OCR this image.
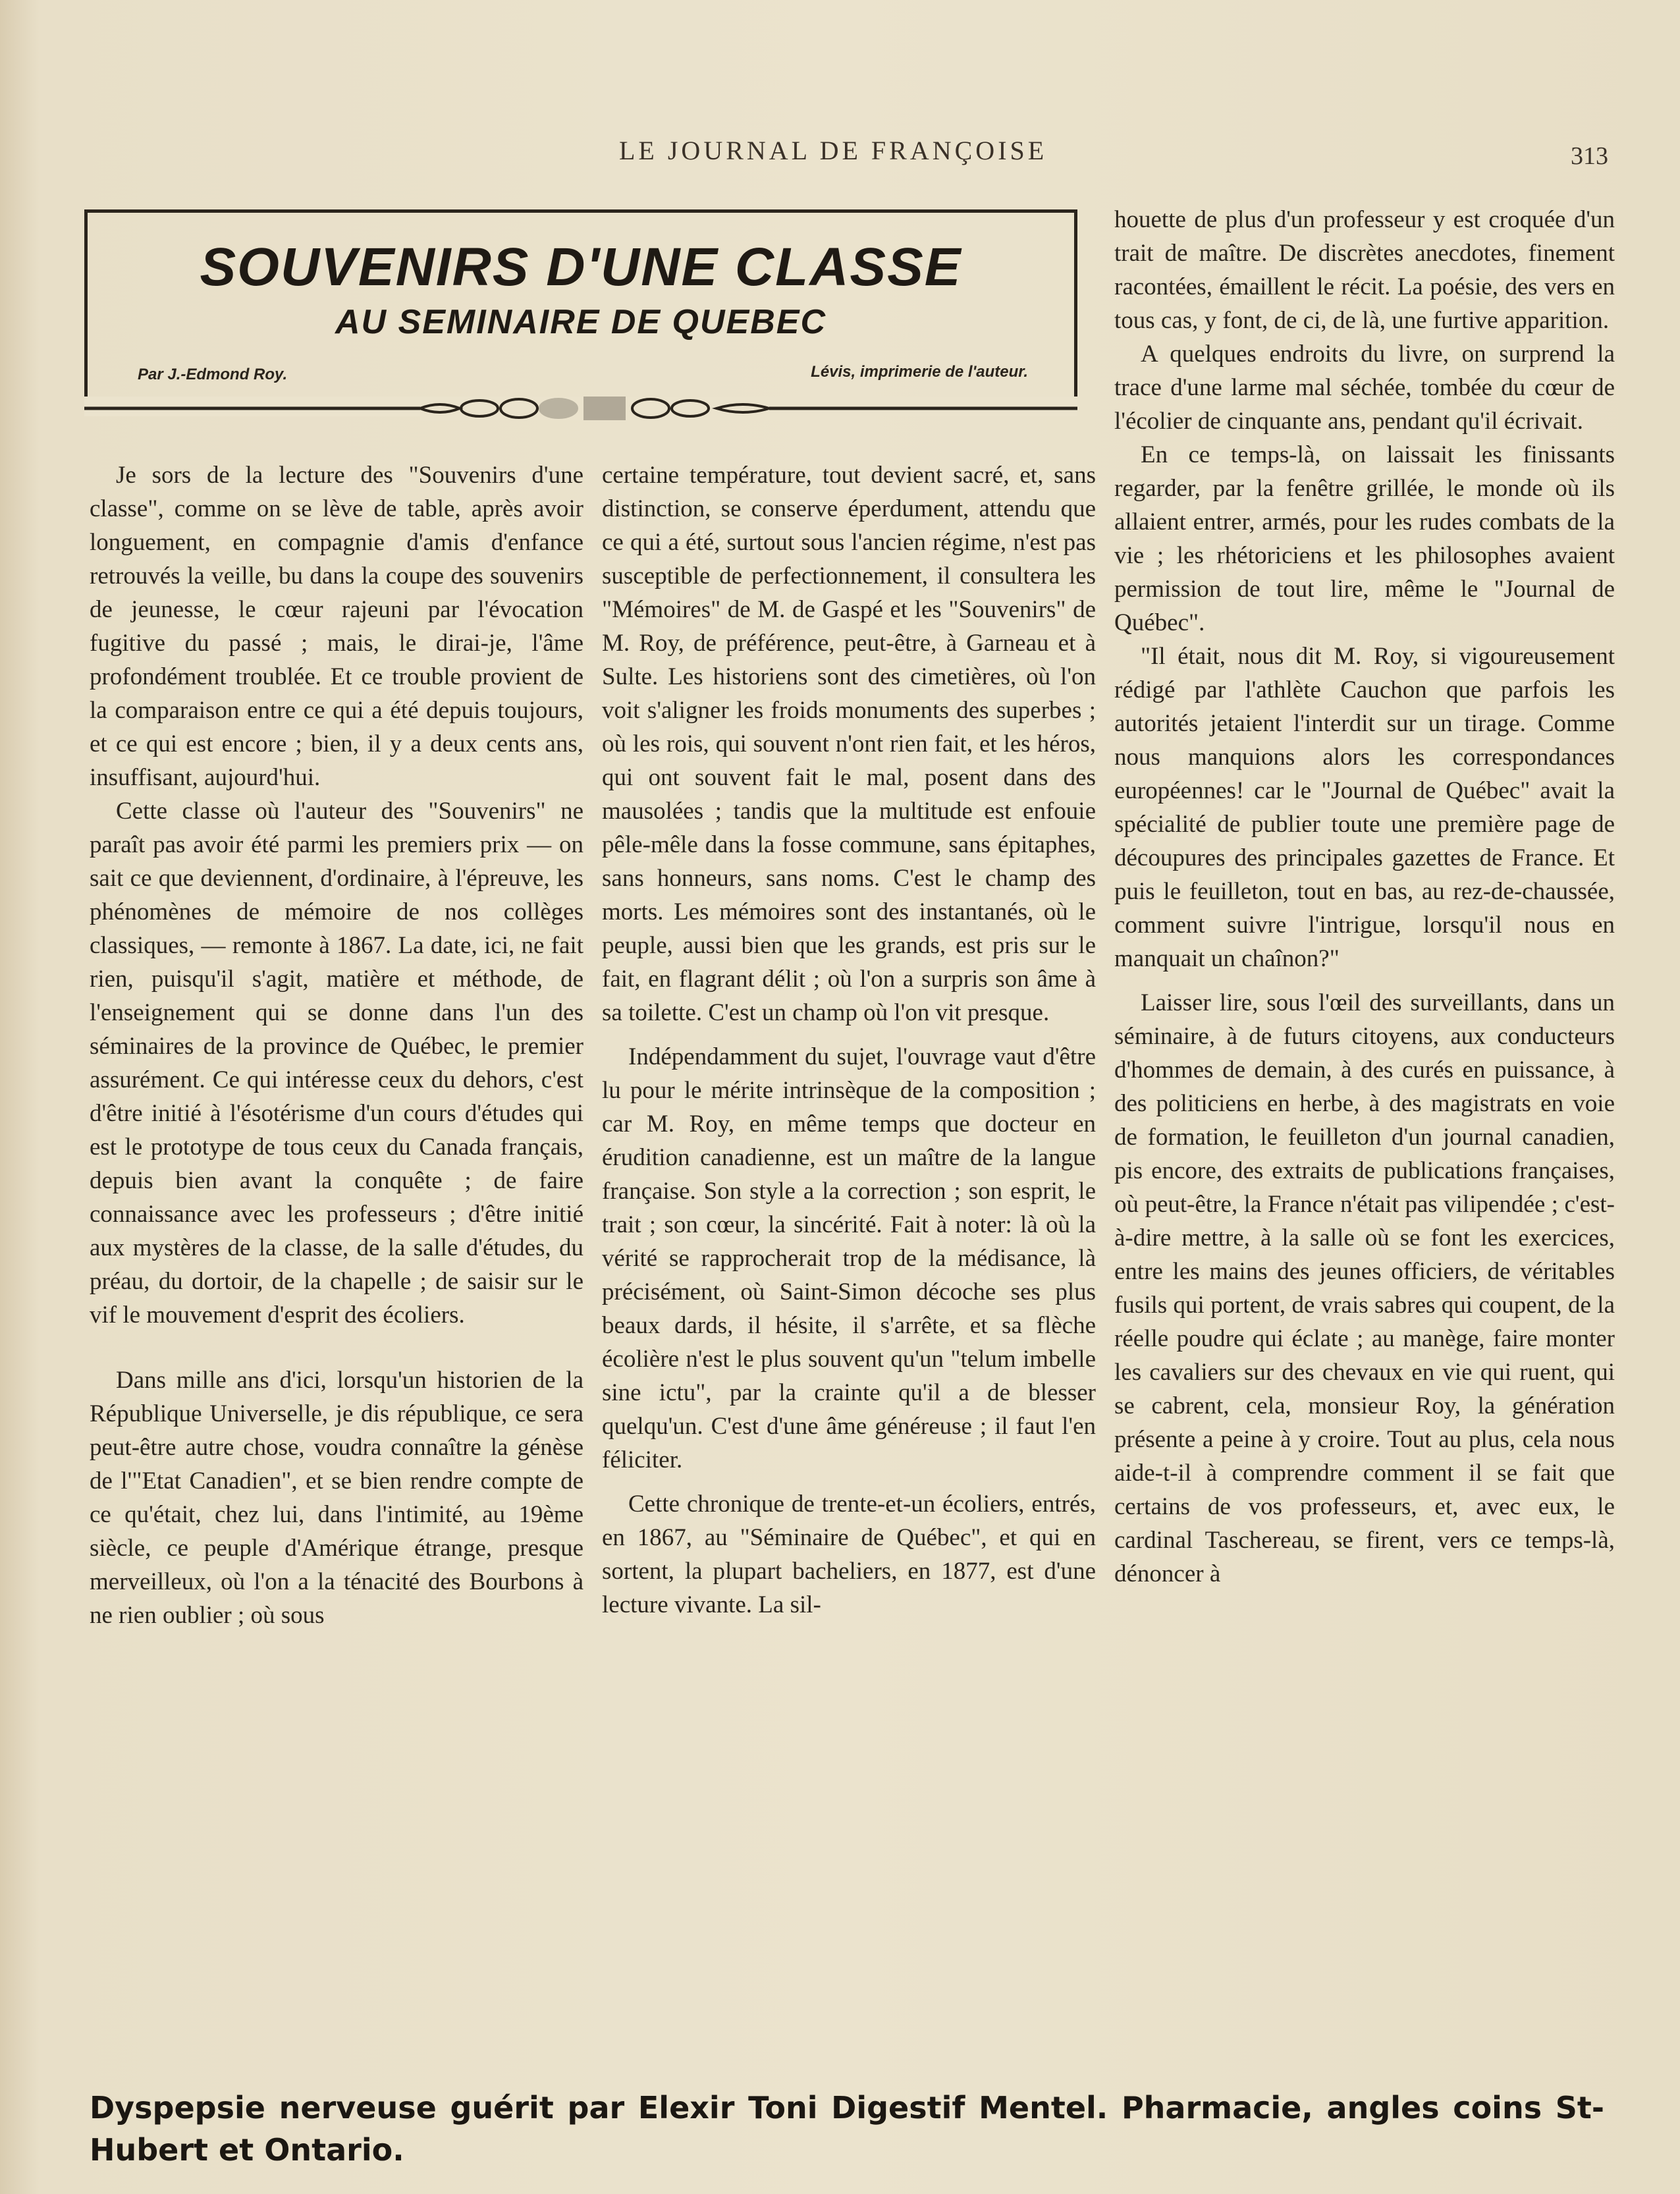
LE JOURNAL DE FRANÇOISE	313
SOUVENIRS D'UNE CLASSE
AU SEMINAIRE DE QUEBEC
Par J.-Edmond Roy.	Lévis, imprimerie de l'auteur.

Je sors de la lecture des "Souvenirs d'une classe", comme on se lève de table, après avoir longuement, en compagnie d'amis d'enfance retrouvés la veille, bu dans la coupe des souvenirs de jeunesse, le cœur rajeuni par l'évocation fugitive du passé ; mais, le dirai-je, l'âme profondément troublée. Et ce trouble provient de la comparaison entre ce qui a été depuis toujours, et ce qui est encore ; bien, il y a deux cents ans, insuffisant, aujourd'hui.

Cette classe où l'auteur des "Souvenirs" ne paraît pas avoir été parmi les premiers prix — on sait ce que deviennent, d'ordinaire, à l'épreuve, les phénomènes de mémoire de nos collèges classiques, — remonte à 1867. La date, ici, ne fait rien, puisqu'il s'agit, matière et méthode, de l'enseignement qui se donne dans l'un des séminaires de la province de Québec, le premier assurément. Ce qui intéresse ceux du dehors, c'est d'être initié à l'ésotérisme d'un cours d'études qui est le prototype de tous ceux du Canada français, depuis bien avant la conquête ; de faire connaissance avec les professeurs ; d'être initié aux mystères de la classe, de la salle d'études, du préau, du dortoir, de la chapelle ; de saisir sur le vif le mouvement d'esprit des écoliers.

Dans mille ans d'ici, lorsqu'un historien de la République Universelle, je dis république, ce sera peut-être autre chose, voudra connaître la génèse de l'"Etat Canadien", et se bien rendre compte de ce qu'était, chez lui, dans l'intimité, au 19ème siècle, ce peuple d'Amérique étrange, presque merveilleux, où l'on a la ténacité des Bourbons à ne rien oublier ; où sous

certaine température, tout devient sacré, et, sans distinction, se conserve éperdument, attendu que ce qui a été, surtout sous l'ancien régime, n'est pas susceptible de perfectionnement, il consultera les "Mémoires" de M. de Gaspé et les "Souvenirs" de M. Roy, de préférence, peut-être, à Garneau et à Sulte. Les historiens sont des cimetières, où l'on voit s'aligner les froids monuments des superbes ; où les rois, qui souvent n'ont rien fait, et les héros, qui ont souvent fait le mal, posent dans des mausolées ; tandis que la multitude est enfouie pêle-mêle dans la fosse commune, sans épitaphes, sans honneurs, sans noms. C'est le champ des morts. Les mémoires sont des instantanés, où le peuple, aussi bien que les grands, est pris sur le fait, en flagrant délit ; où l'on a surpris son âme à sa toilette. C'est un champ où l'on vit presque.

Indépendamment du sujet, l'ouvrage vaut d'être lu pour le mérite intrinsèque de la composition ; car M. Roy, en même temps que docteur en érudition canadienne, est un maître de la langue française. Son style a la correction ; son esprit, le trait ; son cœur, la sincérité. Fait à noter: là où la vérité se rapprocherait trop de la médisance, là précisément, où Saint-Simon décoche ses plus beaux dards, il hésite, il s'arrête, et sa flèche écolière n'est le plus souvent qu'un "telum imbelle sine ictu", par la crainte qu'il a de blesser quelqu'un. C'est d'une âme généreuse ; il faut l'en féliciter.

Cette chronique de trente-et-un écoliers, entrés, en 1867, au "Séminaire de Québec", et qui en sortent, la plupart bacheliers, en 1877, est d'une lecture vivante. La sil-

houette de plus d'un professeur y est croquée d'un trait de maître. De discrètes anecdotes, finement racontées, émaillent le récit. La poésie, des vers en tous cas, y font, de ci, de là, une furtive apparition.

A quelques endroits du livre, on surprend la trace d'une larme mal séchée, tombée du cœur de l'écolier de cinquante ans, pendant qu'il écrivait.

En ce temps-là, on laissait les finissants regarder, par la fenêtre grillée, le monde où ils allaient entrer, armés, pour les rudes combats de la vie ; les rhétoriciens et les philosophes avaient permission de tout lire, même le "Journal de Québec".

"Il était, nous dit M. Roy, si vigoureusement rédigé par l'athlète Cauchon que parfois les autorités jetaient l'interdit sur un tirage. Comme nous manquions alors les correspondances européennes! car le "Journal de Québec" avait la spécialité de publier toute une première page de découpures des principales gazettes de France. Et puis le feuilleton, tout en bas, au rez-de-chaussée, comment suivre l'intrigue, lorsqu'il nous en manquait un chaînon?"

Laisser lire, sous l'œil des surveillants, dans un séminaire, à de futurs citoyens, aux conducteurs d'hommes de demain, à des curés en puissance, à des politiciens en herbe, à des magistrats en voie de formation, le feuilleton d'un journal canadien, pis encore, des extraits de publications françaises, où peut-être, la France n'était pas vilipendée ; c'est-à-dire mettre, à la salle où se font les exercices, entre les mains des jeunes officiers, de véritables fusils qui portent, de vrais sabres qui coupent, de la réelle poudre qui éclate ; au manège, faire monter les cavaliers sur des chevaux en vie qui ruent, qui se cabrent, cela, monsieur Roy, la génération présente a peine à y croire. Tout au plus, cela nous aide-t-il à comprendre comment il se fait que certains de vos professeurs, et, avec eux, le cardinal Taschereau, se firent, vers ce temps-là, dénoncer à

Dyspepsie nerveuse guérit par Elexir Toni Digestif Mentel. Pharmacie, angles coins St-Hubert et Ontario.
